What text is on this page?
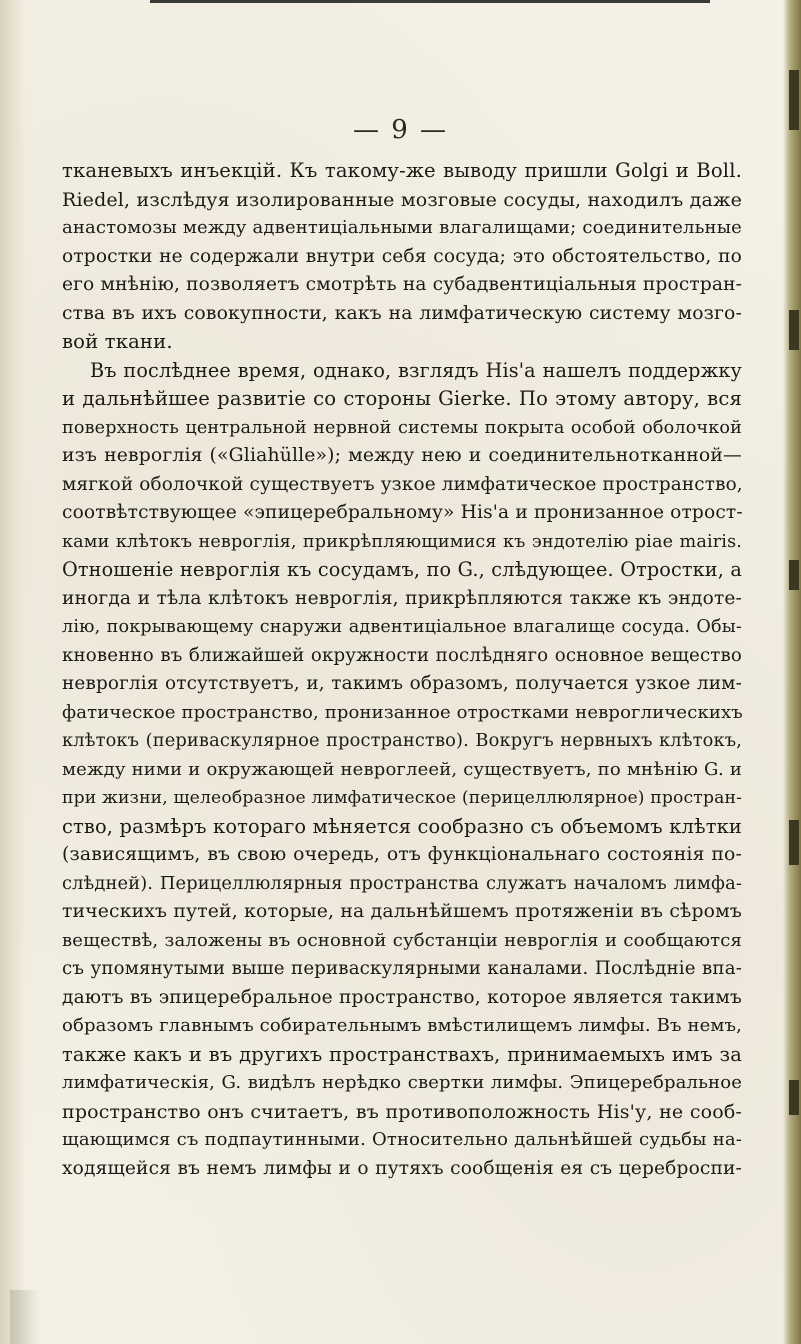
— 9 —
тканевыхъ инъекцій. Къ такому-же выводу пришли Golgi и Boll.
Riedel, изслѣдуя изолированные мозговые сосуды, находилъ даже
анастомозы между адвентиціальными влагалищами; соединительные
отростки не содержали внутри себя сосуда; это обстоятельство, по
его мнѣнію, позволяетъ смотрѣть на субадвентиціальныя простран-
ства въ ихъ совокупности, какъ на лимфатическую систему мозго-
вой ткани.
Въ послѣднее время, однако, взглядъ His'а нашелъ поддержку
и дальнѣйшее развитіе со стороны Gierke. По этому автору, вся
поверхность центральной нервной системы покрыта особой оболочкой
изъ невроглія («Gliahülle»); между нею и соединительнотканной—
мягкой оболочкой существуетъ узкое лимфатическое пространство,
соотвѣтствующее «эпицеребральному» His'а и пронизанное отрост-
ками клѣтокъ невроглія, прикрѣпляющимися къ эндотелію ріае maіris.
Отношеніе невроглія къ сосудамъ, по G., слѣдующее. Отростки, а
иногда и тѣла клѣтокъ невроглія, прикрѣпляются также къ эндоте-
лію, покрывающему снаружи адвентиціальное влагалище сосуда. Обы-
кновенно въ ближайшей окружности послѣдняго основное вещество
невроглія отсутствуетъ, и, такимъ образомъ, получается узкое лим-
фатическое пространство, пронизанное отростками невроглическихъ
клѣтокъ (периваскулярное пространство). Вокругъ нервныхъ клѣтокъ,
между ними и окружающей невроглеей, существуетъ, по мнѣнію G. и
при жизни, щелеобразное лимфатическое (перицеллюлярное) простран-
ство, размѣръ котораго мѣняется сообразно съ объемомъ клѣтки
(зависящимъ, въ свою очередь, отъ функціональнаго состоянія по-
слѣдней). Перицеллюлярныя пространства служатъ началомъ лимфа-
тическихъ путей, которые, на дальнѣйшемъ протяженіи въ сѣромъ
веществѣ, заложены въ основной субстанціи невроглія и сообщаются
съ упомянутыми выше периваскулярными каналами. Послѣдніе впа-
даютъ въ эпицеребральное пространство, которое является такимъ
образомъ главнымъ собирательнымъ вмѣстилищемъ лимфы. Въ немъ,
также какъ и въ другихъ пространствахъ, принимаемыхъ имъ за
лимфатическія, G. видѣлъ нерѣдко свертки лимфы. Эпицеребральное
пространство онъ считаетъ, въ противоположность His'у, не сооб-
щающимся съ подпаутинными. Относительно дальнѣйшей судьбы на-
ходящейся въ немъ лимфы и о путяхъ сообщенія ея съ цереброспи-
